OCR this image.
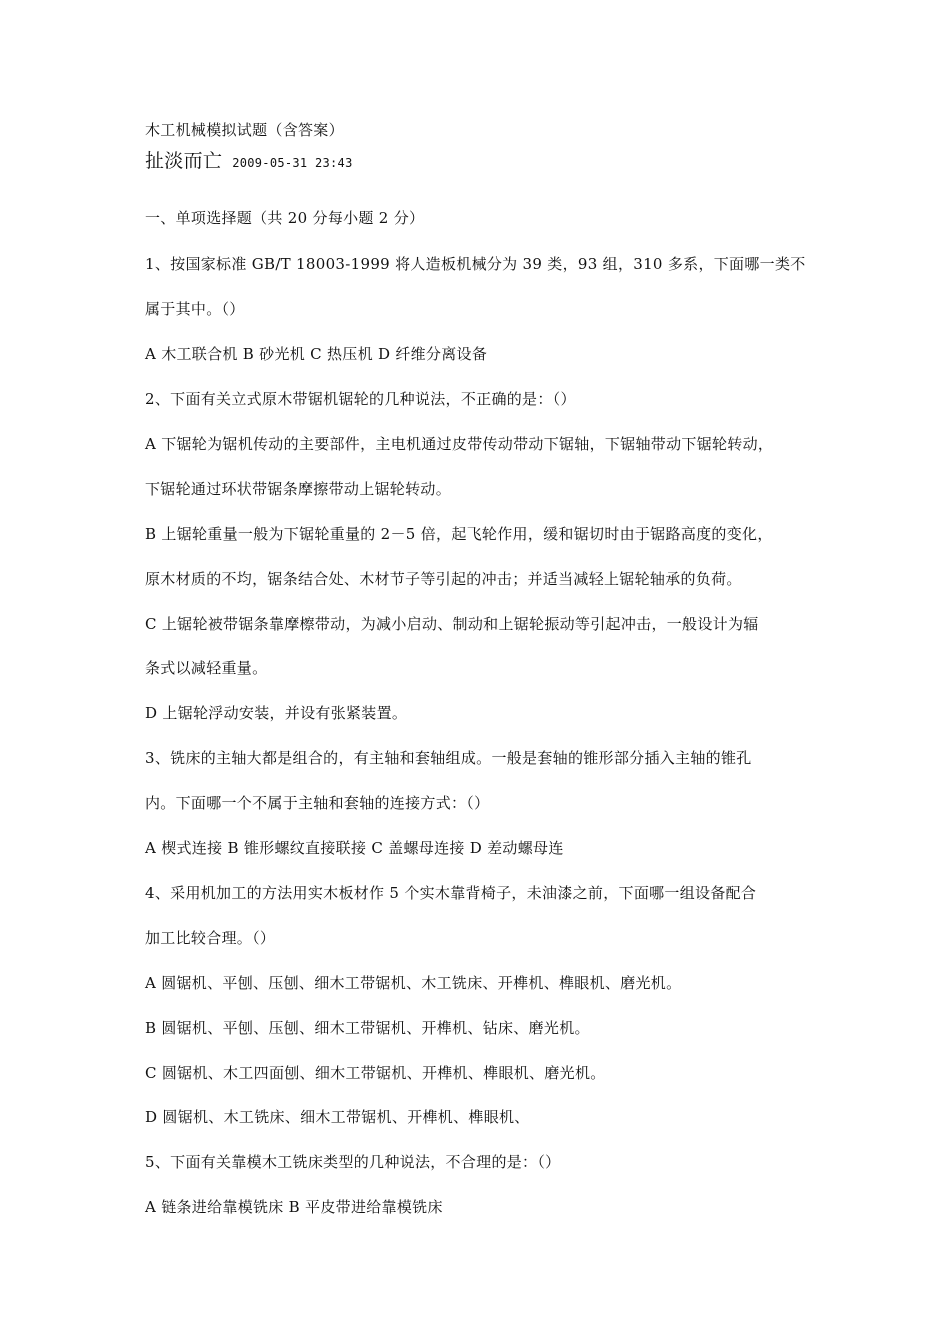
木工机械模拟试题（含答案）
扯淡而亡 2009-05-31 23:43
一、单项选择题（共 20 分每小题 2 分）
1、按国家标准 GB/T 18003-1999 将人造板机械分为 39 类，93 组，310 多系，下面哪一类不
属于其中。（）
A 木工联合机 B 砂光机 C 热压机 D 纤维分离设备
2、下面有关立式原木带锯机锯轮的几种说法，不正确的是：（）
A 下锯轮为锯机传动的主要部件，主电机通过皮带传动带动下锯轴，下锯轴带动下锯轮转动，
下锯轮通过环状带锯条摩擦带动上锯轮转动。
B 上锯轮重量一般为下锯轮重量的 2－5 倍，起飞轮作用，缓和锯切时由于锯路高度的变化，
原木材质的不均，锯条结合处、木材节子等引起的冲击；并适当减轻上锯轮轴承的负荷。
C 上锯轮被带锯条靠摩檫带动，为减小启动、制动和上锯轮振动等引起冲击，一般设计为辐
条式以减轻重量。
D 上锯轮浮动安装，并设有张紧装置。
3、铣床的主轴大都是组合的，有主轴和套轴组成。一般是套轴的锥形部分插入主轴的锥孔
内。下面哪一个不属于主轴和套轴的连接方式：（）
A 楔式连接 B 锥形螺纹直接联接 C 盖螺母连接 D 差动螺母连
4、采用机加工的方法用实木板材作 5 个实木靠背椅子，未油漆之前，下面哪一组设备配合
加工比较合理。（）
A 圆锯机、平刨、压刨、细木工带锯机、木工铣床、开榫机、榫眼机、磨光机。
B 圆锯机、平刨、压刨、细木工带锯机、开榫机、钻床、磨光机。
C 圆锯机、木工四面刨、细木工带锯机、开榫机、榫眼机、磨光机。
D 圆锯机、木工铣床、细木工带锯机、开榫机、榫眼机、
5、下面有关靠模木工铣床类型的几种说法，不合理的是：（）
A 链条进给靠模铣床 B 平皮带进给靠模铣床
